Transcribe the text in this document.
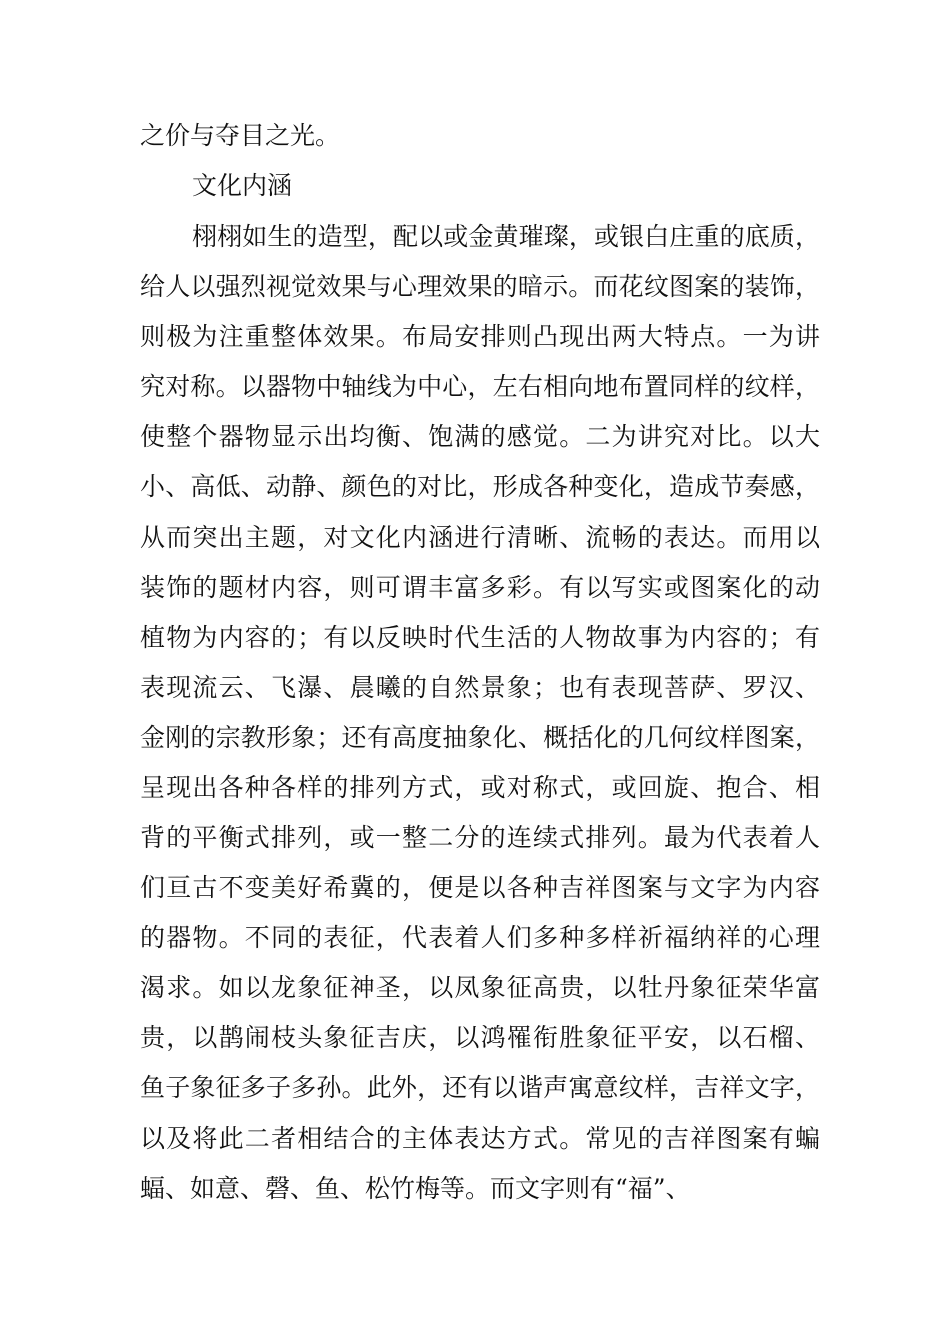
之价与夺目之光。
文化内涵
栩栩如生的造型，配以或金黄璀璨，或银白庄重的底质，
给人以强烈视觉效果与心理效果的暗示。而花纹图案的装饰，
则极为注重整体效果。布局安排则凸现出两大特点。一为讲
究对称。以器物中轴线为中心，左右相向地布置同样的纹样，
使整个器物显示出均衡、饱满的感觉。二为讲究对比。以大
小、高低、动静、颜色的对比，形成各种变化，造成节奏感，
从而突出主题，对文化内涵进行清晰、流畅的表达。而用以
装饰的题材内容，则可谓丰富多彩。有以写实或图案化的动
植物为内容的；有以反映时代生活的人物故事为内容的；有
表现流云、飞瀑、晨曦的自然景象；也有表现菩萨、罗汉、
金刚的宗教形象；还有高度抽象化、概括化的几何纹样图案，
呈现出各种各样的排列方式，或对称式，或回旋、抱合、相
背的平衡式排列，或一整二分的连续式排列。最为代表着人
们亘古不变美好希冀的，便是以各种吉祥图案与文字为内容
的器物。不同的表征，代表着人们多种多样祈福纳祥的心理
渴求。如以龙象征神圣，以凤象征高贵，以牡丹象征荣华富
贵，以鹊闹枝头象征吉庆，以鸿罹衔胜象征平安，以石榴、
鱼子象征多子多孙。此外，还有以谐声寓意纹样，吉祥文字，
以及将此二者相结合的主体表达方式。常见的吉祥图案有蝙
蝠、如意、磬、鱼、松竹梅等。而文字则有“福”、
